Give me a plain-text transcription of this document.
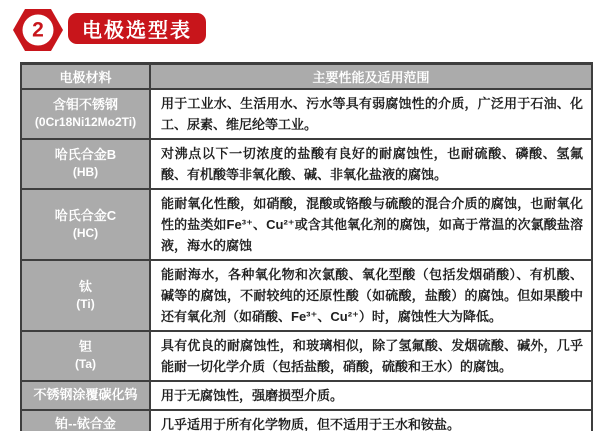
2	电极选型表
电极材料	主要性能及适用范围
含钼不锈钢
(0Cr18Ni12Mo2Ti)	用于工业水、生活用水、污水等具有弱腐蚀性的介质，广泛用于石油、化工、尿素、维尼纶等工业。
哈氏合金B
(HB)	对沸点以下一切浓度的盐酸有良好的耐腐蚀性，也耐硫酸、磷酸、氢氟酸、有机酸等非氧化酸、碱、非氧化盐液的腐蚀。
哈氏合金C
(HC)	能耐氧化性酸，如硝酸，混酸或铬酸与硫酸的混合介质的腐蚀，也耐氧化性的盐类如Fe³⁺、Cu²⁺或含其他氧化剂的腐蚀，如高于常温的次氯酸盐溶液，海水的腐蚀
钛
(Ti)	能耐海水，各种氧化物和次氯酸、氧化型酸（包括发烟硝酸）、有机酸、碱等的腐蚀，不耐较纯的还原性酸（如硫酸，盐酸）的腐蚀。但如果酸中还有氧化剂（如硝酸、Fe³⁺、Cu²⁺）时，腐蚀性大为降低。
钽
(Ta)	具有优良的耐腐蚀性，和玻璃相似，除了氢氟酸、发烟硫酸、碱外，几乎能耐一切化学介质（包括盐酸，硝酸，硫酸和王水）的腐蚀。
不锈钢涂覆碳化钨	用于无腐蚀性，强磨损型介质。
铂--铱合金	几乎适用于所有化学物质，但不适用于王水和铵盐。
